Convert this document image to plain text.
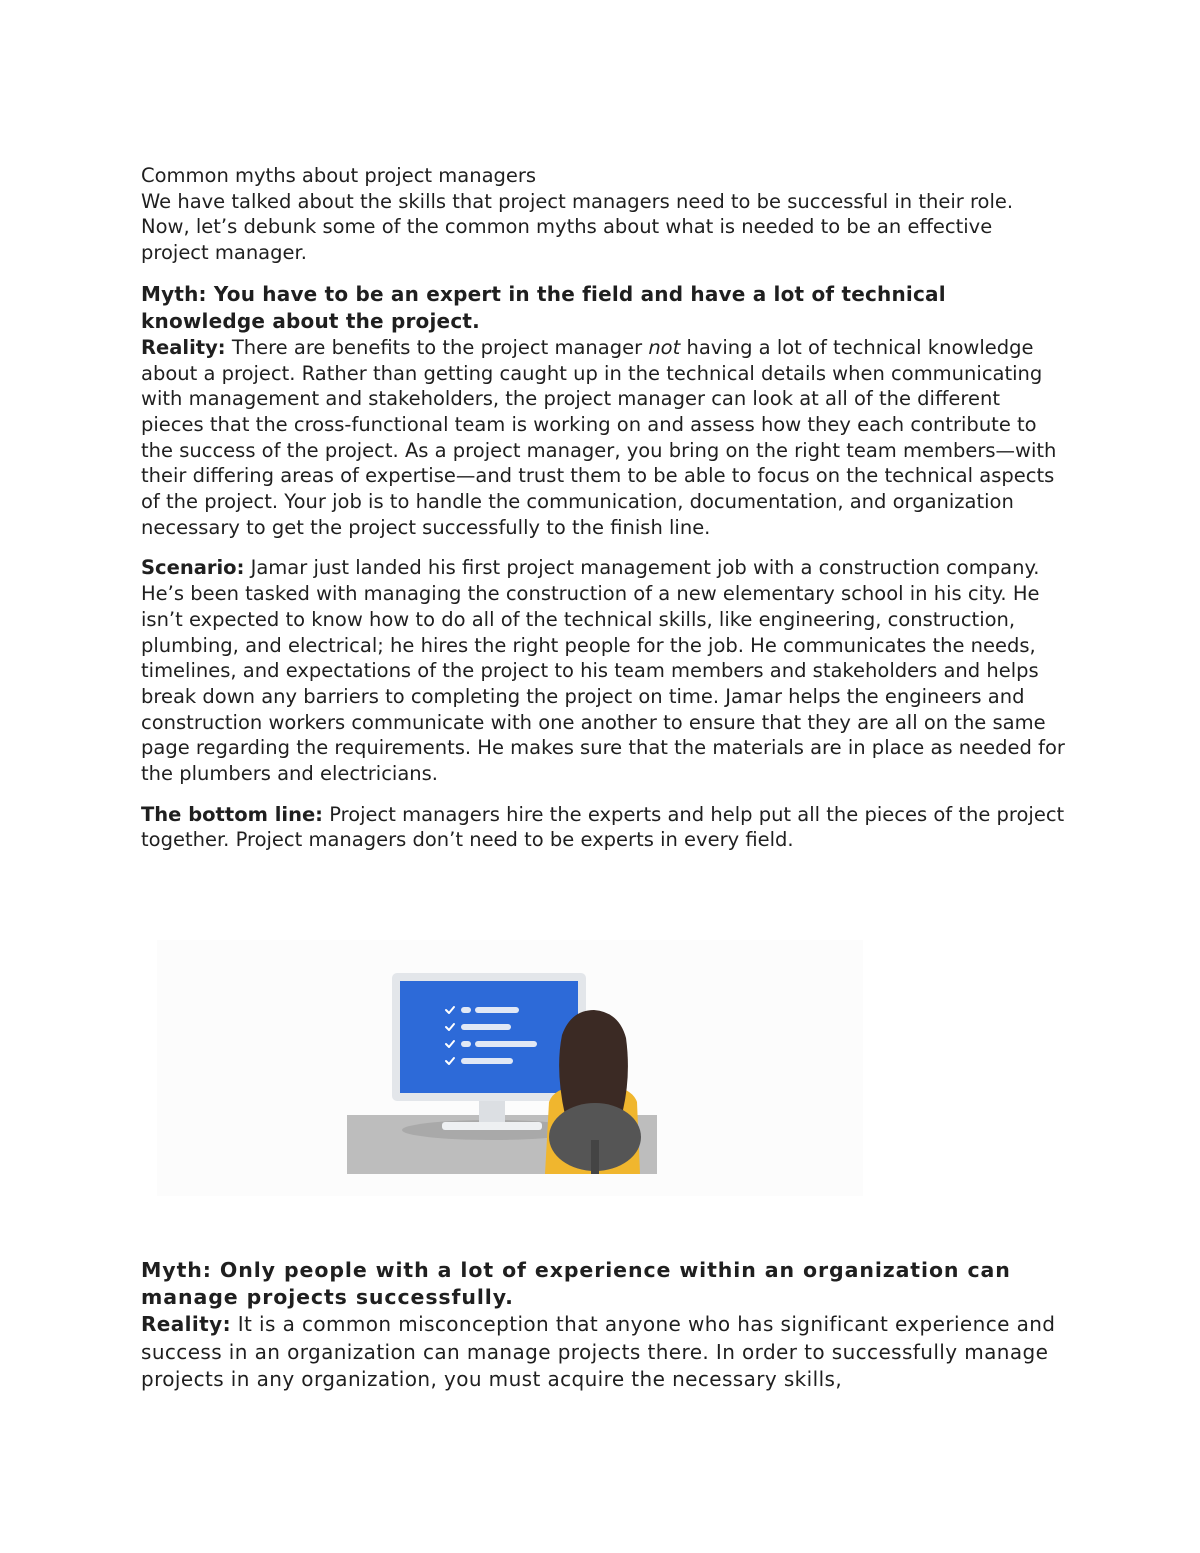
Common myths about project managers

We have talked about the skills that project managers need to be successful in their role. Now, let’s debunk some of the common myths about what is needed to be an effective project manager.

Myth: You have to be an expert in the field and have a lot of technical knowledge about the project.

Reality: There are benefits to the project manager not having a lot of technical knowledge about a project. Rather than getting caught up in the technical details when communicating with management and stakeholders, the project manager can look at all of the different pieces that the cross-functional team is working on and assess how they each contribute to the success of the project. As a project manager, you bring on the right team members—with their differing areas of expertise—and trust them to be able to focus on the technical aspects of the project. Your job is to handle the communication, documentation, and organization necessary to get the project successfully to the finish line.

Scenario: Jamar just landed his first project management job with a construction company. He’s been tasked with managing the construction of a new elementary school in his city. He isn’t expected to know how to do all of the technical skills, like engineering, construction, plumbing, and electrical; he hires the right people for the job. He communicates the needs, timelines, and expectations of the project to his team members and stakeholders and helps break down any barriers to completing the project on time. Jamar helps the engineers and construction workers communicate with one another to ensure that they are all on the same page regarding the requirements. He makes sure that the materials are in place as needed for the plumbers and electricians.

The bottom line: Project managers hire the experts and help put all the pieces of the project together. Project managers don’t need to be experts in every field.

Myth: Only people with a lot of experience within an organization can manage projects successfully.

Reality: It is a common misconception that anyone who has significant experience and success in an organization can manage projects there. In order to successfully manage projects in any organization, you must acquire the necessary skills,
